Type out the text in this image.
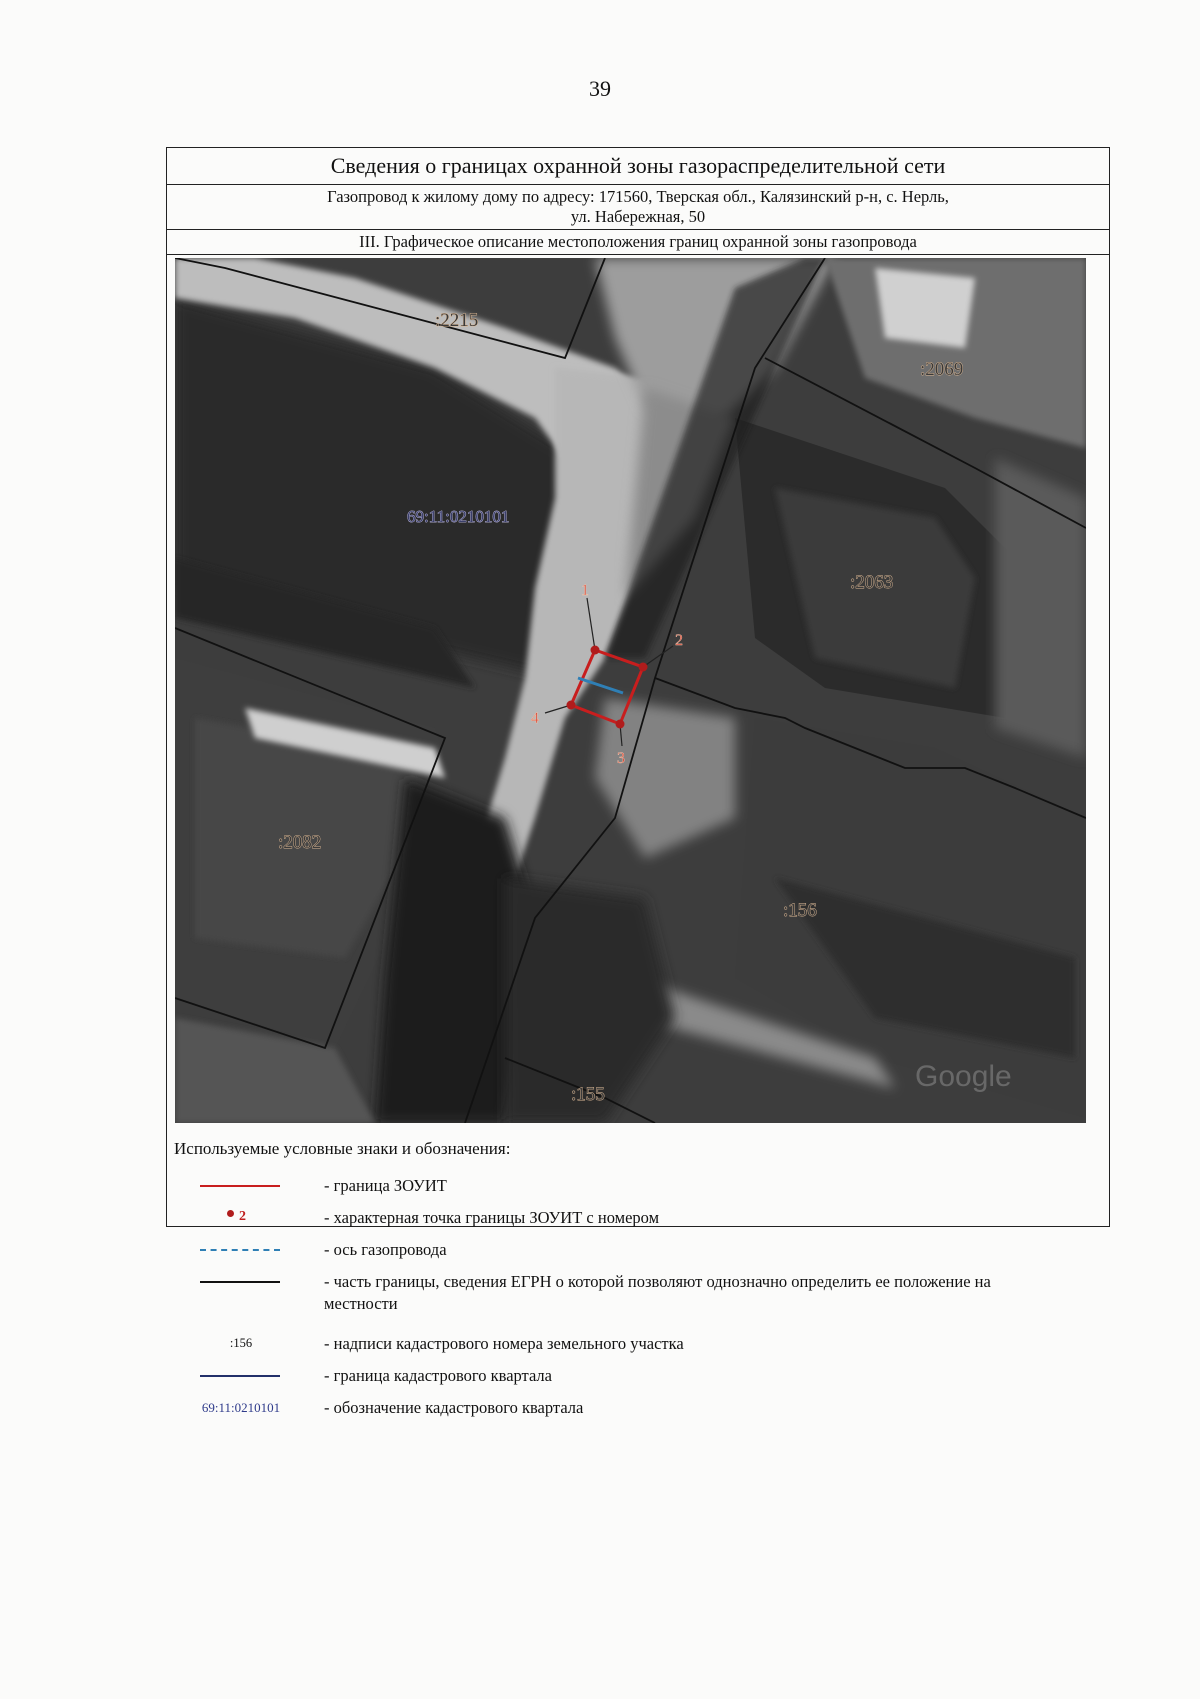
39
Сведения о границах охранной зоны газораспределительной сети
Газопровод к жилому дому по адресу: 171560, Тверская обл., Калязинский р-н, с. Нерль,
ул. Набережная, 50
III. Графическое описание местоположения границ охранной зоны газопровода
1
2
3
4
:2215
:2069
:2063
:2082
:156
:155
69:11:0210101
Google
Используемые условные знаки и обозначения:
- граница ЗОУИТ
2	- характерная точка границы ЗОУИТ с номером
- ось газопровода
- часть границы, сведения ЕГРН о которой позволяют однозначно определить ее положение на местности
:156	- надписи кадастрового номера земельного участка
- граница кадастрового квартала
69:11:0210101	- обозначение кадастрового квартала
